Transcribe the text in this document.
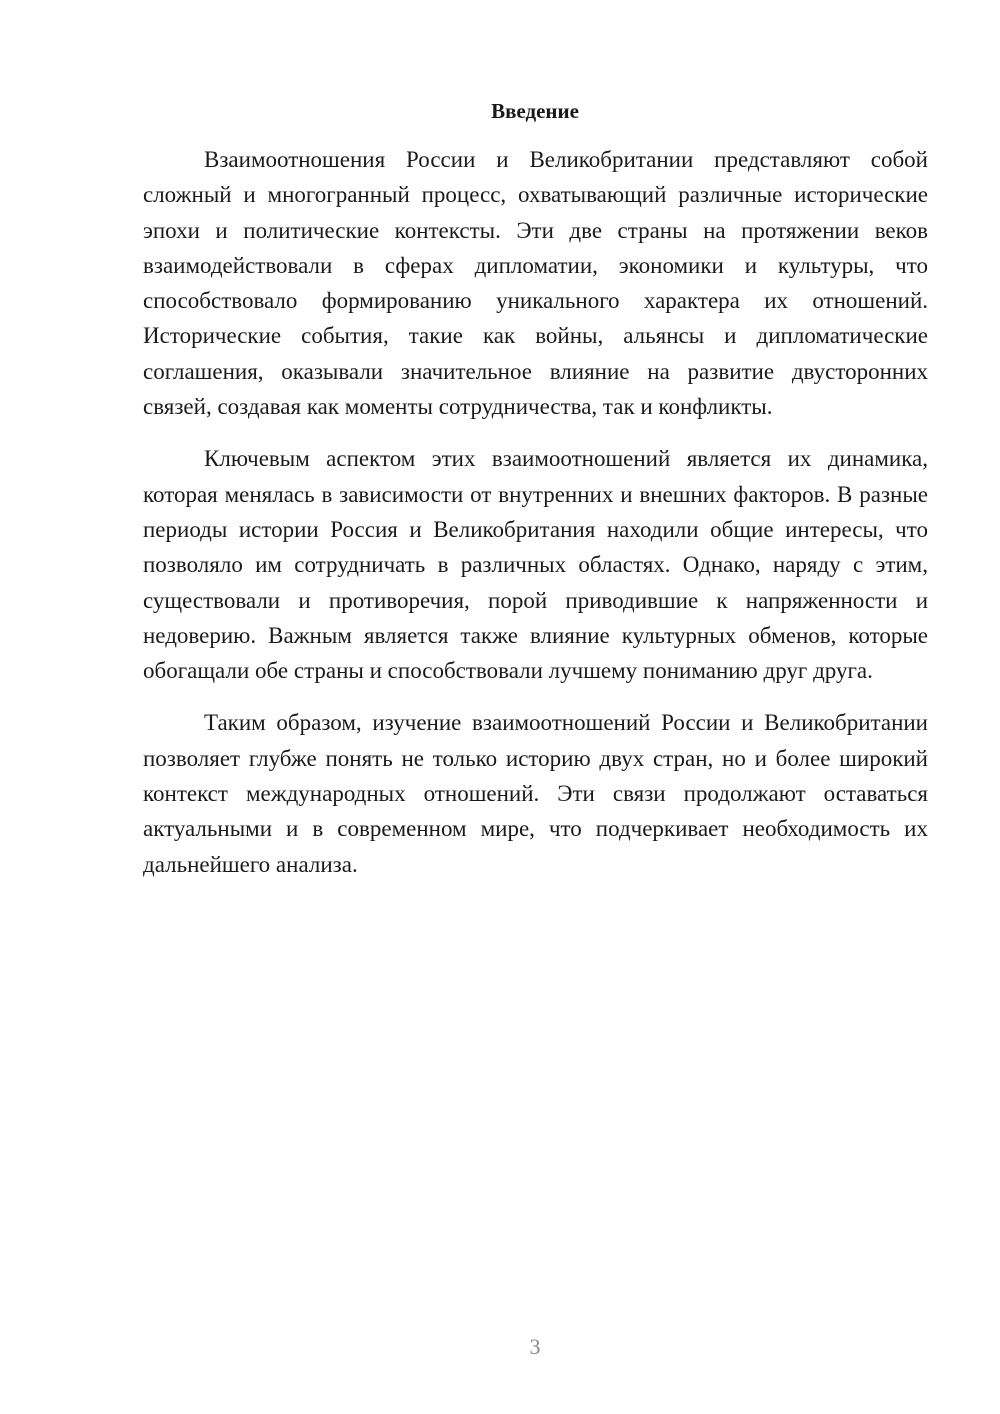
Введение

Взаимоотношения России и Великобритании представляют собой сложный и многогранный процесс, охватывающий различные исторические эпохи и политические контексты. Эти две страны на протяжении веков взаимодействовали в сферах дипломатии, экономики и культуры, что способствовало формированию уникального характера их отношений. Исторические события, такие как войны, альянсы и дипломатические соглашения, оказывали значительное влияние на развитие двусторонних связей, создавая как моменты сотрудничества, так и конфликты.

Ключевым аспектом этих взаимоотношений является их динамика, которая менялась в зависимости от внутренних и внешних факторов. В разные периоды истории Россия и Великобритания находили общие интересы, что позволяло им сотрудничать в различных областях. Однако, наряду с этим, существовали и противоречия, порой приводившие к напряженности и недоверию. Важным является также влияние культурных обменов, которые обогащали обе страны и способствовали лучшему пониманию друг друга.

Таким образом, изучение взаимоотношений России и Великобритании позволяет глубже понять не только историю двух стран, но и более широкий контекст международных отношений. Эти связи продолжают оставаться актуальными и в современном мире, что подчеркивает необходимость их дальнейшего анализа.

3
